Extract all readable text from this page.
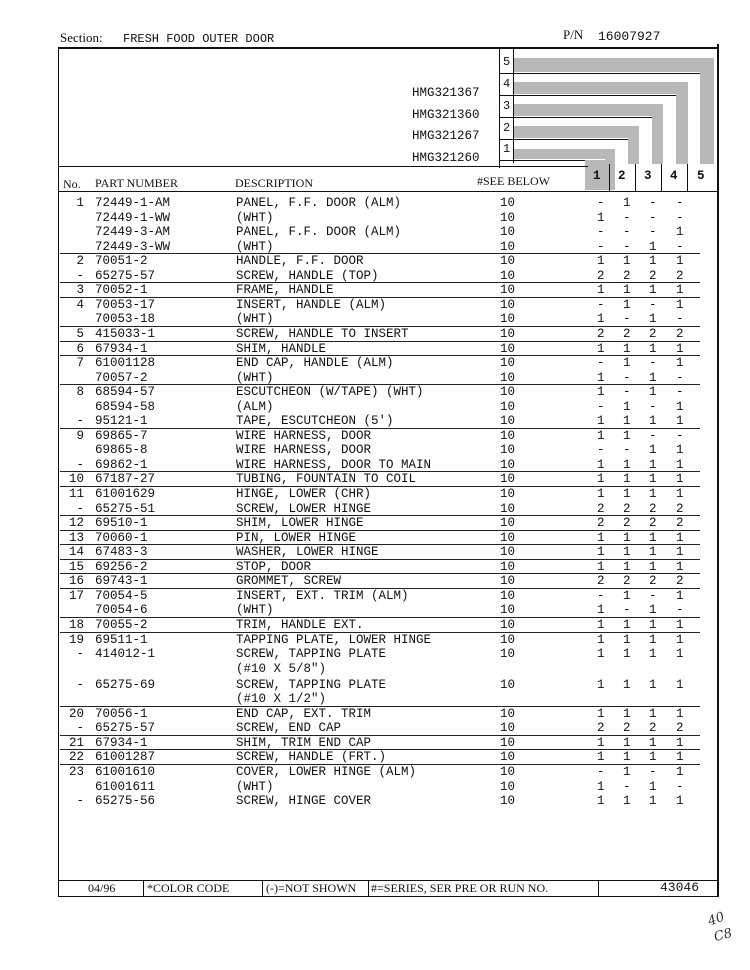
Section: FRESH FOOD OUTER DOOR	P/N 16007927
5
4
3
2
1
HMG321367
HMG321360
HMG321267
HMG321260
No. PART NUMBER	DESCRIPTION	#SEE BELOW	1 2 3 4 5
1 72449-1-AM	PANEL, F.F. DOOR (ALM)	10	- 1 - -
72449-1-WW	(WHT)	10	1 - - -
72449-3-AM	PANEL, F.F. DOOR (ALM)	10	- - - 1
72449-3-WW	(WHT)	10	- - 1 -
2 70051-2	HANDLE, F.F. DOOR	10	1 1 1 1
- 65275-57	SCREW, HANDLE (TOP)	10	2 2 2 2
3 70052-1	FRAME, HANDLE	10	1 1 1 1
4 70053-17	INSERT, HANDLE (ALM)	10	- 1 - 1
70053-18	(WHT)	10	1 - 1 -
5 415033-1	SCREW, HANDLE TO INSERT	10	2 2 2 2
6 67934-1	SHIM, HANDLE	10	1 1 1 1
7 61001128	END CAP, HANDLE (ALM)	10	- 1 - 1
70057-2	(WHT)	10	1 - 1 -
8 68594-57	ESCUTCHEON (W/TAPE) (WHT)	10	1 - 1 -
68594-58	(ALM)	10	- 1 - 1
- 95121-1	TAPE, ESCUTCHEON (5')	10	1 1 1 1
9 69865-7	WIRE HARNESS, DOOR	10	1 1 - -
69865-8	WIRE HARNESS, DOOR	10	- - 1 1
- 69862-1	WIRE HARNESS, DOOR TO MAIN	10	1 1 1 1
10 67187-27	TUBING, FOUNTAIN TO COIL	10	1 1 1 1
11 61001629	HINGE, LOWER (CHR)	10	1 1 1 1
- 65275-51	SCREW, LOWER HINGE	10	2 2 2 2
12 69510-1	SHIM, LOWER HINGE	10	2 2 2 2
13 70060-1	PIN, LOWER HINGE	10	1 1 1 1
14 67483-3	WASHER, LOWER HINGE	10	1 1 1 1
15 69256-2	STOP, DOOR	10	1 1 1 1
16 69743-1	GROMMET, SCREW	10	2 2 2 2
17 70054-5	INSERT, EXT. TRIM (ALM)	10	- 1 - 1
70054-6	(WHT)	10	1 - 1 -
18 70055-2	TRIM, HANDLE EXT.	10	1 1 1 1
19 69511-1	TAPPING PLATE, LOWER HINGE	10	1 1 1 1
- 414012-1	SCREW, TAPPING PLATE	10	1 1 1 1
(#10 X 5/8")
- 65275-69	SCREW, TAPPING PLATE	10	1 1 1 1
(#10 X 1/2")
20 70056-1	END CAP, EXT. TRIM	10	1 1 1 1
- 65275-57	SCREW, END CAP	10	2 2 2 2
21 67934-1	SHIM, TRIM END CAP	10	1 1 1 1
22 61001287	SCREW, HANDLE (FRT.)	10	1 1 1 1
23 61001610	COVER, LOWER HINGE (ALM)	10	- 1 - 1
61001611	(WHT)	10	1 - 1 -
- 65275-56	SCREW, HINGE COVER	10	1 1 1 1
04/96	*COLOR CODE	(-)=NOT SHOWN #=SERIES, SER PRE OR RUN NO.	43046
40
C8
